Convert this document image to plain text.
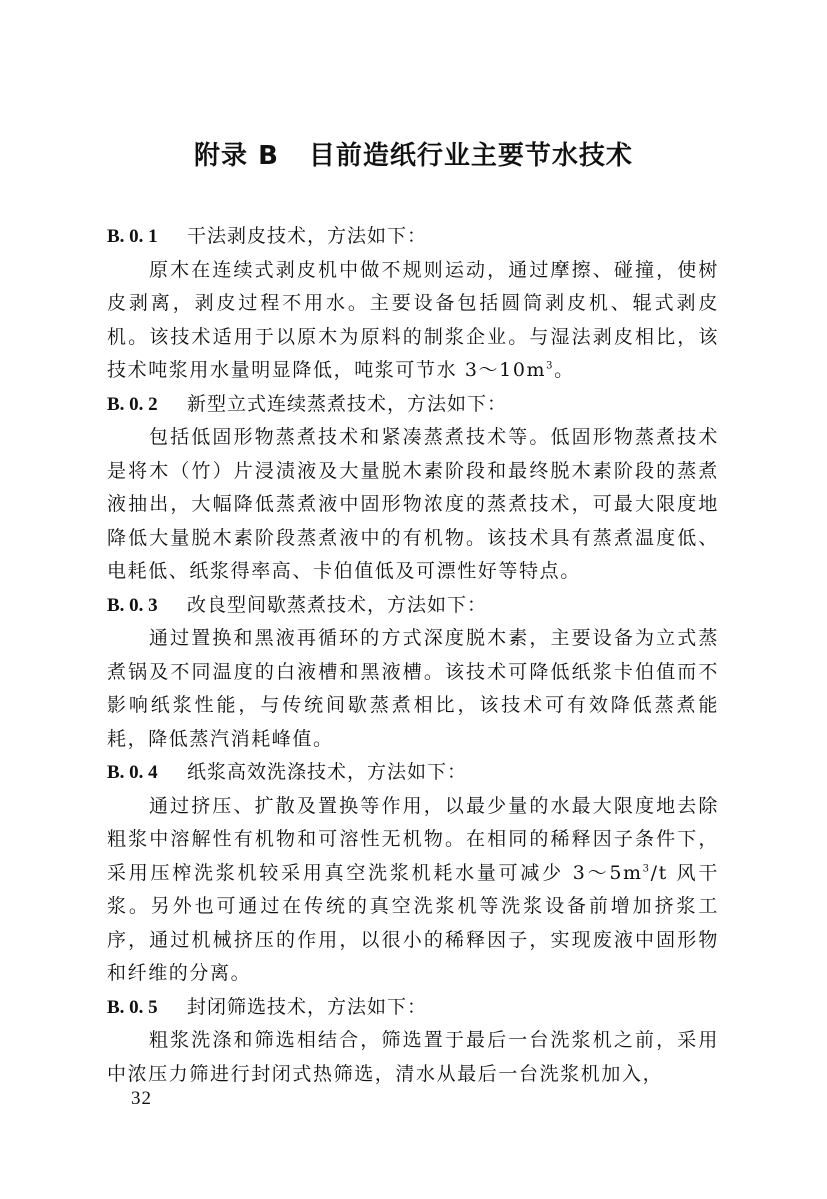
附录 B 目前造纸行业主要节水技术

B. 0. 1 干法剥皮技术，方法如下：

原木在连续式剥皮机中做不规则运动，通过摩擦、碰撞，使树皮剥离，剥皮过程不用水。主要设备包括圆筒剥皮机、辊式剥皮机。该技术适用于以原木为原料的制浆企业。与湿法剥皮相比，该技术吨浆用水量明显降低，吨浆可节水 $3\sim 10m^3$。

B. 0. 2 新型立式连续蒸煮技术，方法如下：

包括低固形物蒸煮技术和紧凑蒸煮技术等。低固形物蒸煮技术是将木（竹）片浸渍液及大量脱木素阶段和最终脱木素阶段的蒸煮液抽出，大幅降低蒸煮液中固形物浓度的蒸煮技术，可最大限度地降低大量脱木素阶段蒸煮液中的有机物。该技术具有蒸煮温度低、电耗低、纸浆得率高、卡伯值低及可漂性好等特点。

B. 0. 3 改良型间歇蒸煮技术，方法如下：

通过置换和黑液再循环的方式深度脱木素，主要设备为立式蒸煮锅及不同温度的白液槽和黑液槽。该技术可降低纸浆卡伯值而不影响纸浆性能，与传统间歇蒸煮相比，该技术可有效降低蒸煮能耗，降低蒸汽消耗峰值。

B. 0. 4 纸浆高效洗涤技术，方法如下：

通过挤压、扩散及置换等作用，以最少量的水最大限度地去除粗浆中溶解性有机物和可溶性无机物。在相同的稀释因子条件下，采用压榨洗浆机较采用真空洗浆机耗水量可减少 $3\sim 5m^3/t$ 风干浆。另外也可通过在传统的真空洗浆机等洗浆设备前增加挤浆工序，通过机械挤压的作用，以很小的稀释因子，实现废液中固形物和纤维的分离。

B. 0. 5 封闭筛选技术，方法如下：

粗浆洗涤和筛选相结合，筛选置于最后一台洗浆机之前，采用中浓压力筛进行封闭式热筛选，清水从最后一台洗浆机加入，

32
